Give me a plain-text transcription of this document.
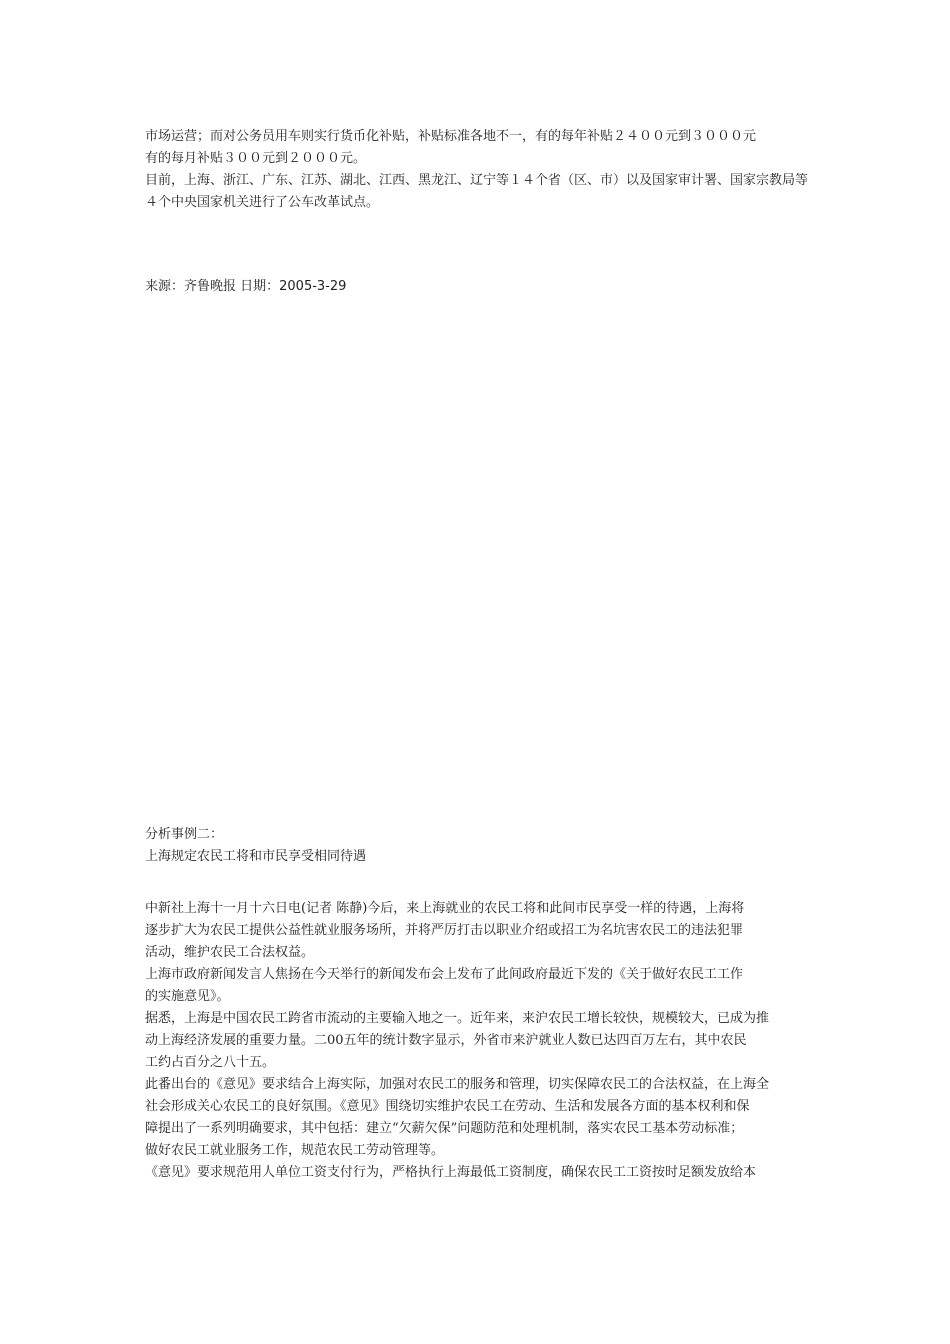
市场运营；而对公务员用车则实行货币化补贴，补贴标准各地不一，有的每年补贴２４００元到３０００元
有的每月补贴３００元到２０００元。
目前，上海、浙江、广东、江苏、湖北、江西、黑龙江、辽宁等１４个省（区、市）以及国家审计署、国家宗教局等
４个中央国家机关进行了公车改革试点。
来源：齐鲁晚报 日期：2005-3-29
分析事例二：
上海规定农民工将和市民享受相同待遇
中新社上海十一月十六日电(记者 陈静)今后，来上海就业的农民工将和此间市民享受一样的待遇，上海将
逐步扩大为农民工提供公益性就业服务场所，并将严厉打击以职业介绍或招工为名坑害农民工的违法犯罪
活动，维护农民工合法权益。
上海市政府新闻发言人焦扬在今天举行的新闻发布会上发布了此间政府最近下发的《关于做好农民工工作
的实施意见》。
据悉，上海是中国农民工跨省市流动的主要输入地之一。近年来，来沪农民工增长较快，规模较大，已成为推
动上海经济发展的重要力量。二00五年的统计数字显示，外省市来沪就业人数已达四百万左右，其中农民
工约占百分之八十五。
此番出台的《意见》要求结合上海实际，加强对农民工的服务和管理，切实保障农民工的合法权益，在上海全
社会形成关心农民工的良好氛围。《意见》围绕切实维护农民工在劳动、生活和发展各方面的基本权利和保
障提出了一系列明确要求，其中包括：建立“欠薪欠保”问题防范和处理机制，落实农民工基本劳动标准；
做好农民工就业服务工作，规范农民工劳动管理等。
《意见》要求规范用人单位工资支付行为，严格执行上海最低工资制度，确保农民工工资按时足额发放给本
